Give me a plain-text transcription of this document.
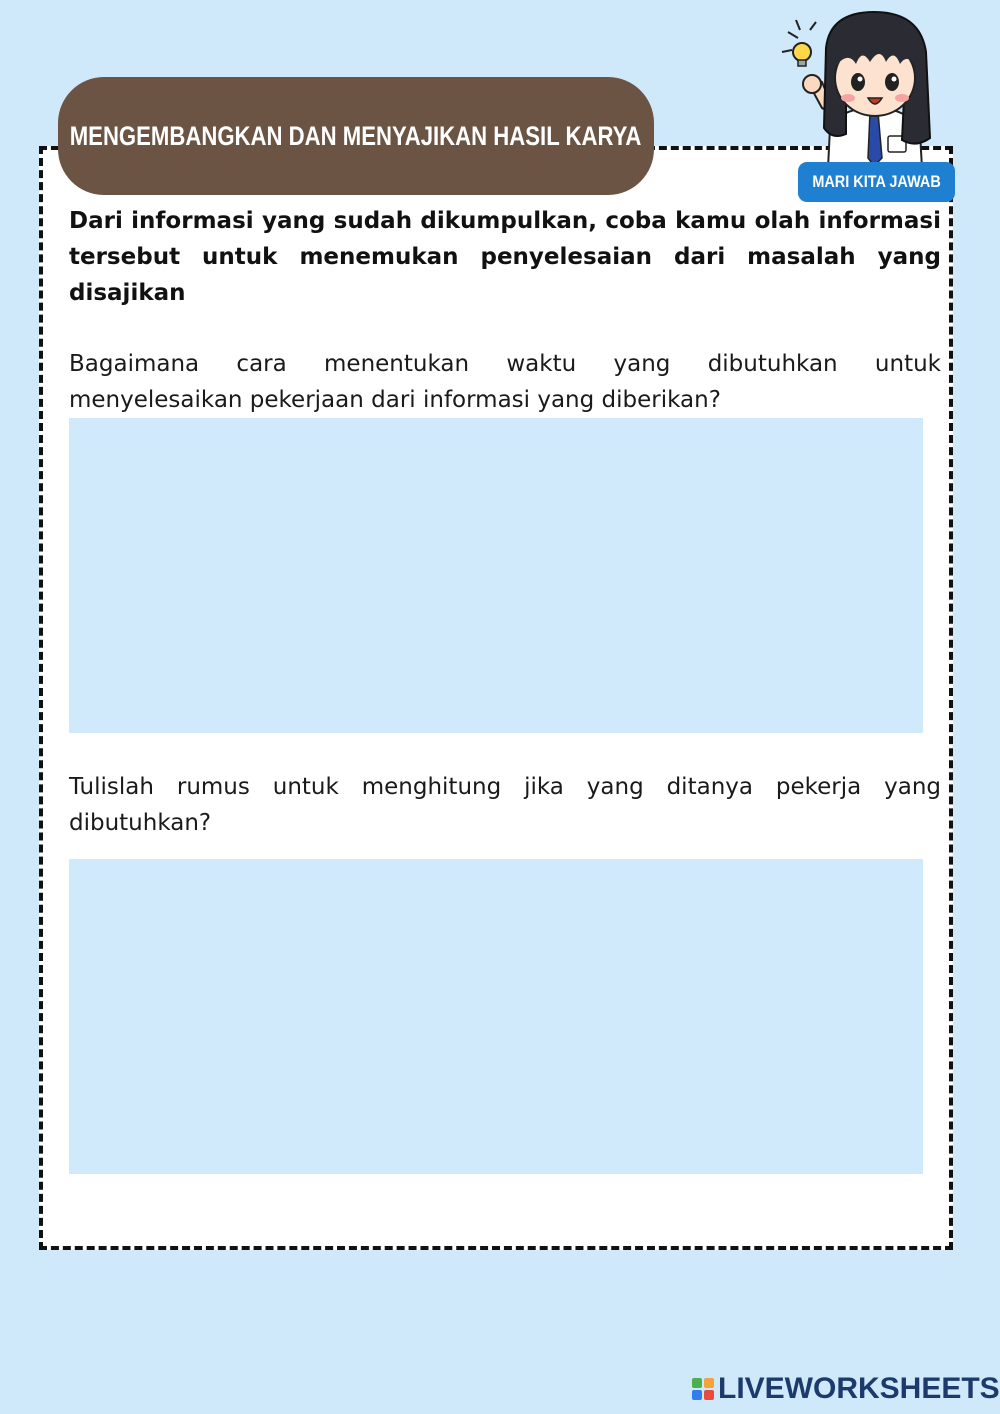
MENGEMBANGKAN DAN MENYAJIKAN HASIL KARYA
MARI KITA JAWAB

Dari informasi yang sudah dikumpulkan, coba kamu olah informasi tersebut untuk menemukan penyelesaian dari masalah yang disajikan

Bagaimana cara menentukan waktu yang dibutuhkan untuk menyelesaikan pekerjaan dari informasi yang diberikan?

Tulislah rumus untuk menghitung jika yang ditanya pekerja yang dibutuhkan?

LIVEWORKSHEETS
